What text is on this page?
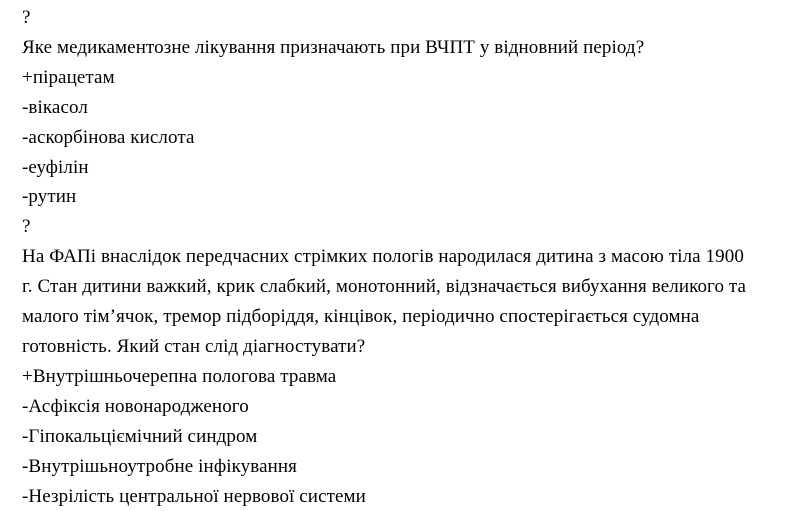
?
Яке медикаментозне лікування призначають при ВЧПТ у відновний період?
+пірацетам
-вікасол
-аскорбінова кислота
-еуфілін
-рутин
?
На ФАПі внаслідок передчасних стрімких пологів народилася дитина з масою тіла 1900
г. Стан дитини важкий, крик слабкий, монотонний, відзначається вибухання великого та
малого тім’ячок, тремор підборіддя, кінцівок, періодично спостерігається судомна
готовність. Який стан слід діагностувати?
+Внутрішньочерепна пологова травма
-Асфіксія новонародженого
-Гіпокальціємічний синдром
-Внутрішьноутробне інфікування
-Незрілість центральної нервової системи
